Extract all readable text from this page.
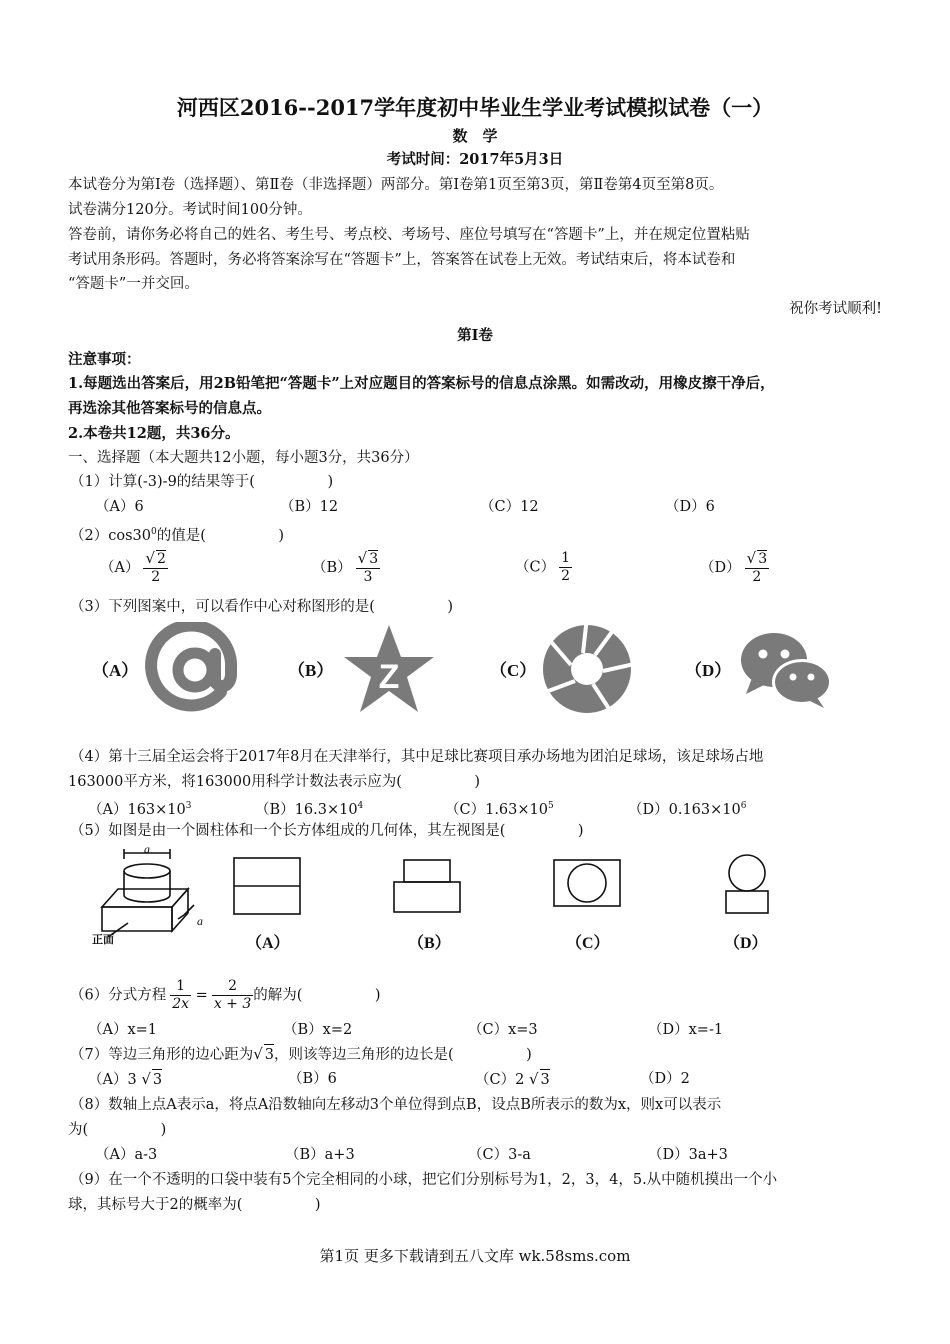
河西区2016--2017学年度初中毕业生学业考试模拟试卷（一）
数　学
考试时间：2017年5月3日
本试卷分为第Ⅰ卷（选择题）、第Ⅱ卷（非选择题）两部分。第Ⅰ卷第1页至第3页，第Ⅱ卷第4页至第8页。
试卷满分120分。考试时间100分钟。
答卷前，请你务必将自己的姓名、考生号、考点校、考场号、座位号填写在“答题卡”上，并在规定位置粘贴
考试用条形码。答题时，务必将答案涂写在“答题卡”上，答案答在试卷上无效。考试结束后，将本试卷和
“答题卡”一并交回。
祝你考试顺利!
第Ⅰ卷
注意事项：
1.每题选出答案后，用2B铅笔把“答题卡”上对应题目的答案标号的信息点涂黑。如需改动，用橡皮擦干净后，
再选涂其他答案标号的信息点。
2.本卷共12题，共36分。
一、选择题（本大题共12小题，每小题3分，共36分）
（1）计算(-3)-9的结果等于(　　　　　)
（A）6	（B）12	（C）12	（D）6
$(2)\cos 30^0$的值是(　　　　　)
$(A) \frac{√ 2}{2}$	$(B) \frac{√ 3}{3}$	$(C) \frac{1}{2}$	$(D) \frac{√ 3}{2}$
（3）下列图案中，可以看作中心对称图形的是(　　　　　)
（A）	（B）	（C）	（D）
Z
（4）第十三届全运会将于2017年8月在天津举行，其中足球比赛项目承办场地为团泊足球场，该足球场占地
163000平方米，将163000用科学计数法表示应为(　　　　　)
$(A)163\times 10^3$	$(B)16.3\times 10^4$	$(C)1.63\times 10^5$	$(D)0.163\times 10^6$
（5）如图是由一个圆柱体和一个长方体组成的几何体，其左视图是(　　　　　)
a
a
正面	（A）	（B）	（C）	（D）
（6）分式方程 $\frac{1}{2x} = \frac{2}{x + 3}$ 的解为(　　　　　)
（A）x=1	（B）x=2	（C）x=3	（D）x=-1
（7）等边三角形的边心距为√ 3，则该等边三角形的边长是(　　　　　)
（A）3 √ 3	（B）6	（C）2 √ 3	（D）2
（8）数轴上点A表示a，将点A沿数轴向左移动3个单位得到点B，设点B所表示的数为x，则x可以表示
为(　　　　　)
（A）a-3	（B）a+3	（C）3-a	（D）3a+3
（9）在一个不透明的口袋中装有5个完全相同的小球，把它们分别标号为1，2，3，4，5.从中随机摸出一个小
球，其标号大于2的概率为(　　　　　)
第1页 更多下载请到五八文库 wk.58sms.com
